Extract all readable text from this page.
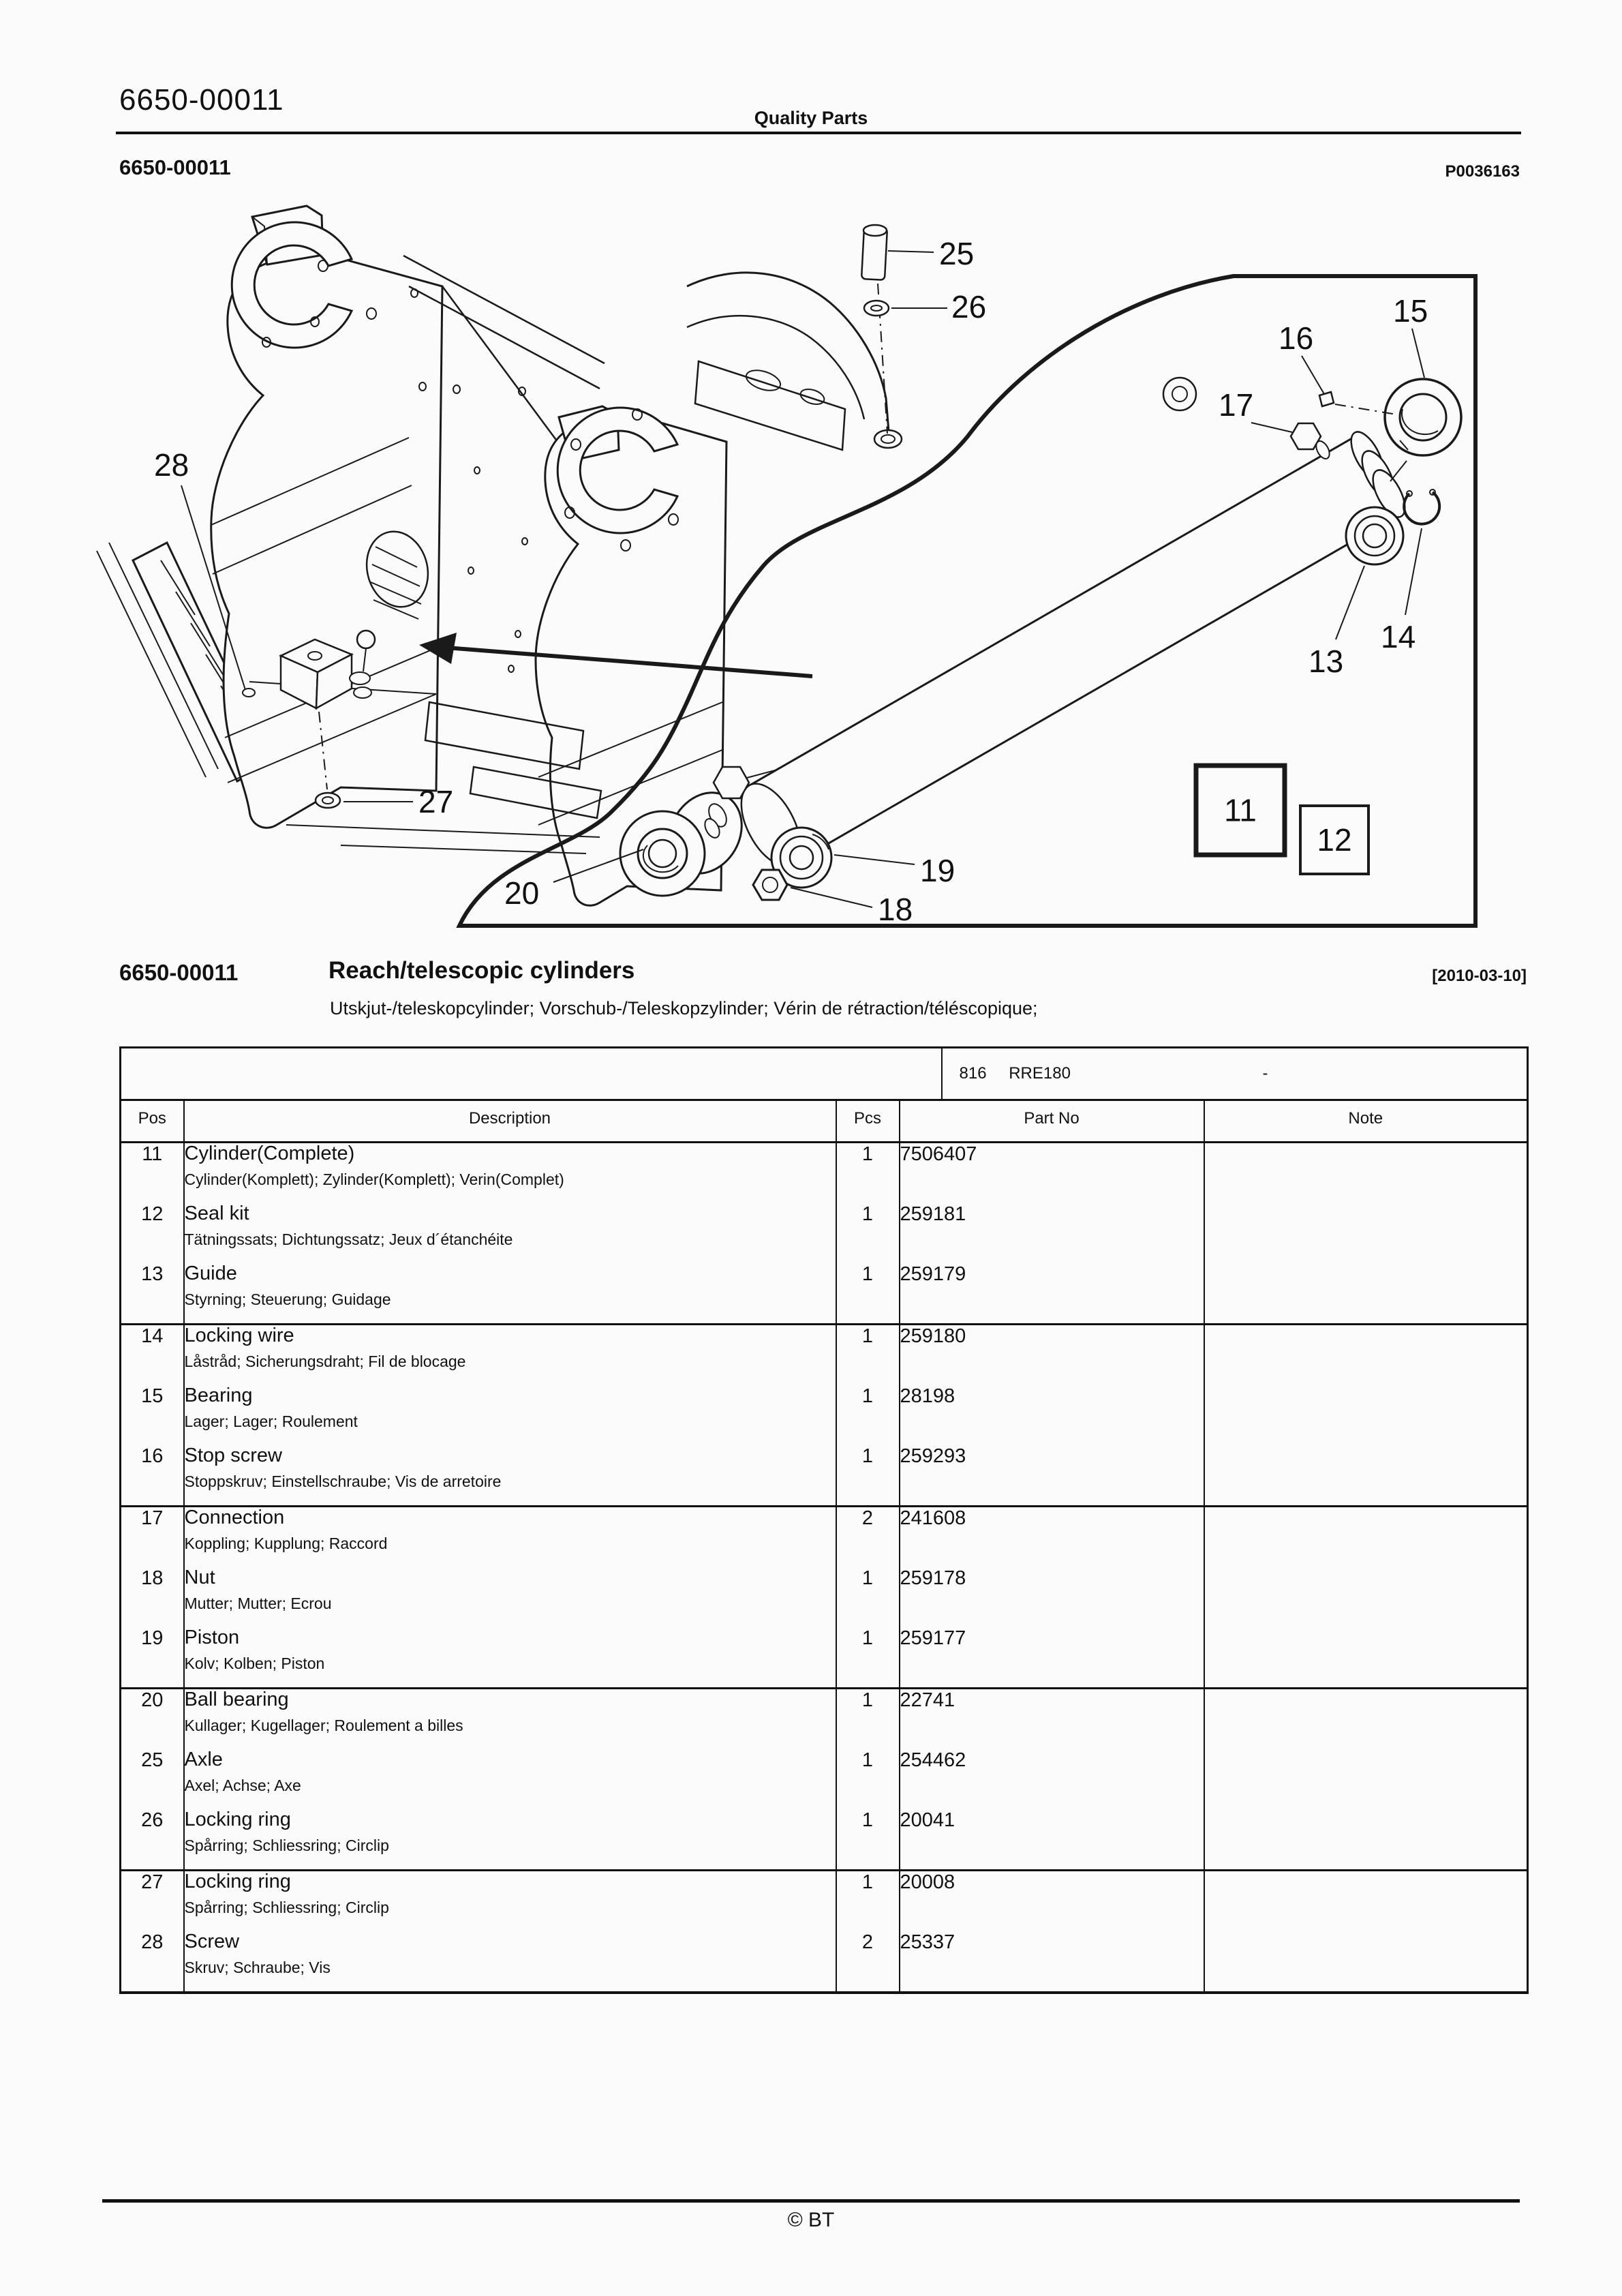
6650-00011
Quality Parts
6650-00011	P0036163
25
26
16
15
17
28
13
14
27
20
19
18
11
12
6650-00011	Reach/telescopic cylinders	[2010-03-10]
Utskjut-/teleskopcylinder; Vorschub-/Teleskopzylinder; Vérin de rétraction/téléscopique;
				816 RRE180 -	

Pos	Description	Pcs	Part No		Note

11	Cylinder(Complete)
Cylinder(Komplett); Zylinder(Komplett); Verin(Complet)	1	7506407		
12	Seal kit
Tätningssats; Dichtungssatz; Jeux d´étanchéite	1	259181		
13	Guide
Styrning; Steuerung; Guidage	1	259179		
14	Locking wire
Låstråd; Sicherungsdraht; Fil de blocage	1	259180		
15	Bearing
Lager; Lager; Roulement	1	28198		
16	Stop screw
Stoppskruv; Einstellschraube; Vis de arretoire	1	259293		
17	Connection
Koppling; Kupplung; Raccord	2	241608		
18	Nut
Mutter; Mutter; Ecrou	1	259178		
19	Piston
Kolv; Kolben; Piston	1	259177		
20	Ball bearing
Kullager; Kugellager; Roulement a billes	1	22741		
25	Axle
Axel; Achse; Axe	1	254462		
26	Locking ring
Spårring; Schliessring; Circlip	1	20041		
27	Locking ring
Spårring; Schliessring; Circlip	1	20008		
28	Screw
Skruv; Schraube; Vis	2	25337		
© BT
